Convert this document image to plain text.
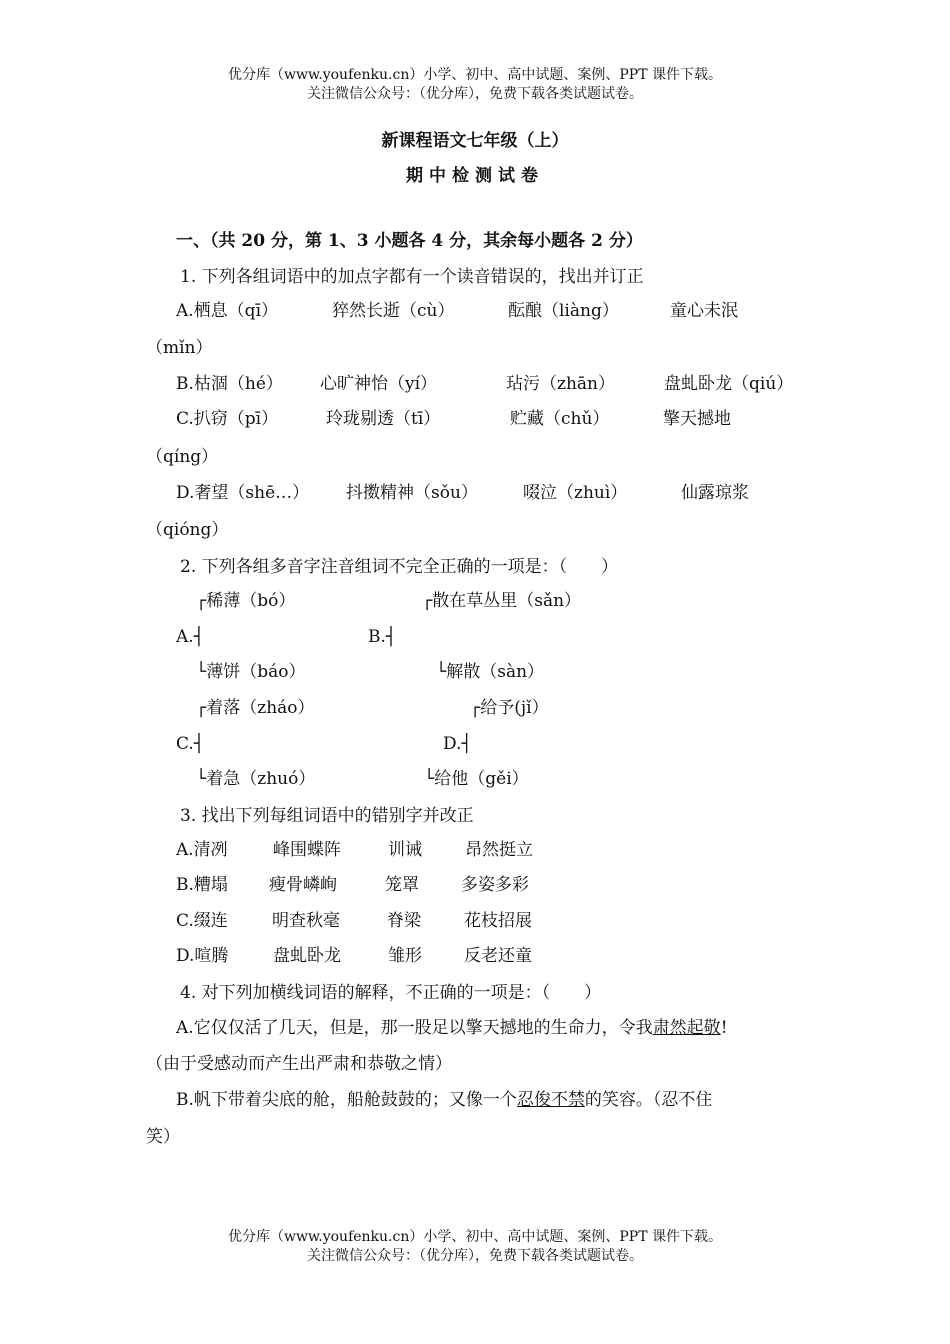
优分库（www.youfenku.cn）小学、初中、高中试题、案例、PPT 课件下载。
关注微信公众号：（优分库），免费下载各类试题试卷。
新课程语文七年级（上）
期中检测试卷
一、（共 20 分，第 1、3 小题各 4 分，其余每小题各 2 分）
1. 下列各组词语中的加点字都有一个读音错误的，找出并订正
A.栖息（qī）	猝然长逝（cù）	酝酿（liàng）	童心未泯
（mǐn）
B.枯涸（hé） 心旷神怡（yí）	玷污（zhān）	盘虬卧龙（qiú）
C.扒窃（pī）	玲珑剔透（tī）	贮藏（chǔ）	擎天撼地
（qíng）
D.奢望（shē…） 抖擞精神（sǒu）	啜泣（zhuì）	仙露琼浆
（qióng）
2. 下列各组多音字注音组词不完全正确的一项是：（　　）
┌稀薄（bó）	┌散在草丛里（sǎn）
A.┤	B.┤
└薄饼（báo）	└解散（sàn）
┌着落（zháo）	┌给予(jǐ）
C.┤	D.┤
└着急（zhuó）	└给他（gěi）
3. 找出下列每组词语中的错别字并改正
A.清冽	峰围蝶阵	训诫	昂然挺立
B.糟塌 瘦骨嶙峋	笼罩 多姿多彩
C.缀连	明查秋毫	脊梁	花枝招展
D.喧腾	盘虬卧龙	雏形 反老还童
4. 对下列加横线词语的解释，不正确的一项是：（　　）
A.它仅仅活了几天，但是，那一股足以擎天撼地的生命力，令我肃然起敬!
（由于受感动而产生出严肃和恭敬之情）
B.帆下带着尖底的舱，船舱鼓鼓的；又像一个忍俊不禁的笑容。（忍不住
笑）
优分库（www.youfenku.cn）小学、初中、高中试题、案例、PPT 课件下载。
关注微信公众号：（优分库），免费下载各类试题试卷。
